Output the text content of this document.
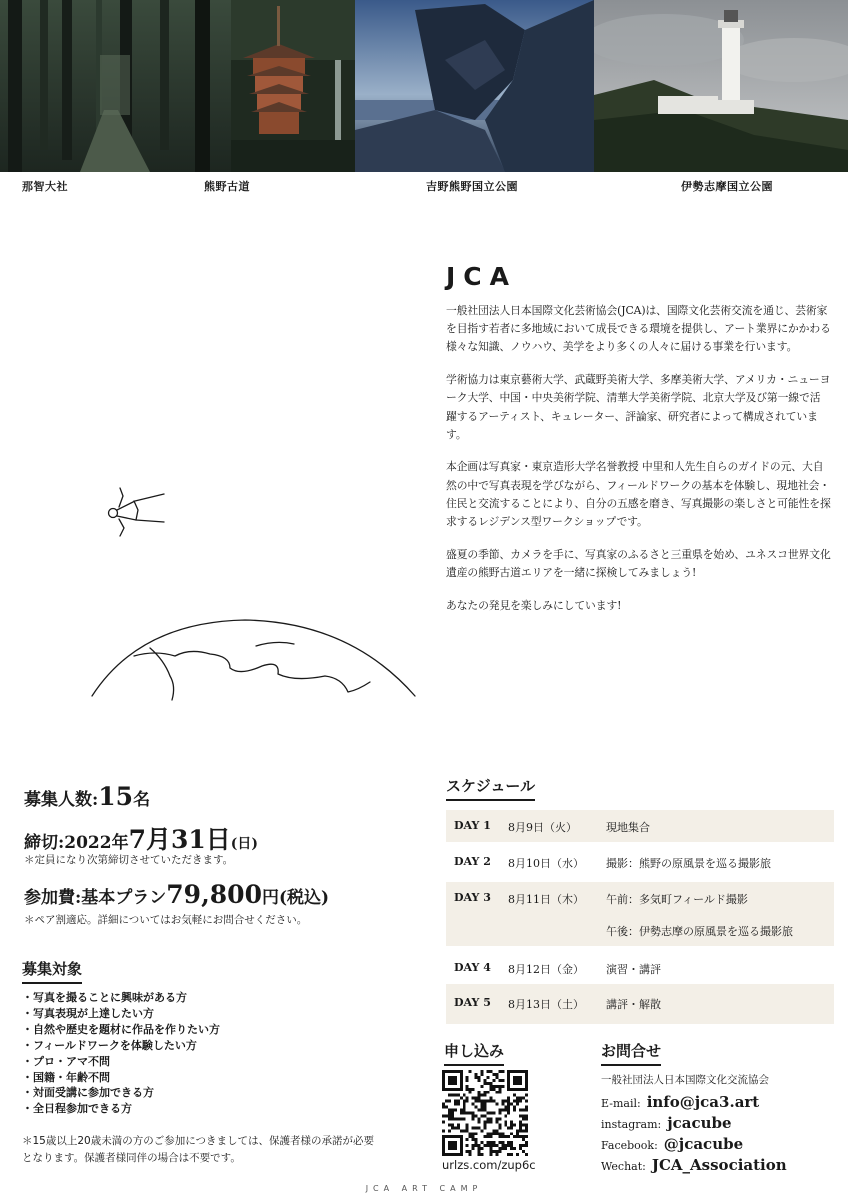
那智大社	熊野古道	吉野熊野国立公園	伊勢志摩国立公園
JCA

一般社団法人日本国際文化芸術協会(JCA)は、国際文化芸術交流を通じ、芸術家を目指す若者に多地域において成長できる環境を提供し、アート業界にかかわる様々な知識、ノウハウ、美学をより多くの人々に届ける事業を行います。

学術協力は東京藝術大学、武蔵野美術大学、多摩美術大学、アメリカ・ニューヨーク大学、中国・中央美術学院、清華大学美術学院、北京大学及び第一線で活躍するアーティスト、キュレーター、評論家、研究者によって構成されています。

本企画は写真家・東京造形大学名誉教授 中里和人先生自らのガイドの元、大自然の中で写真表現を学びながら、フィールドワークの基本を体験し、現地社会・住民と交流することにより、自分の五感を磨き、写真撮影の楽しさと可能性を探求するレジデンス型ワークショップです。

盛夏の季節、カメラを手に、写真家のふるさと三重県を始め、ユネスコ世界文化遺産の熊野古道エリアを一緒に探検してみましょう!

あなたの発見を楽しみにしています!

募集人数:15名
締切:2022年7月31日(日)
＊定員になり次第締切させていただきます。
参加費:基本プラン79,800円(税込)
＊ペア割適応。詳細についてはお気軽にお問合せください。
募集対象
・写真を撮ることに興味がある方
・写真表現が上達したい方
・自然や歴史を題材に作品を作りたい方
・フィールドワークを体験したい方
・プロ・アマ不問
・国籍・年齢不問
・対面受講に参加できる方
・全日程参加できる方
＊15歳以上20歳未満の方のご参加につきましては、保護者様の承諾が必要となります。保護者様同伴の場合は不要です。
スケジュール
DAY 1 8月9日（火）	現地集合
DAY 2 8月10日（水） 撮影：熊野の原風景を巡る撮影旅
DAY 3 8月11日（木） 午前：多気町フィールド撮影
午後：伊勢志摩の原風景を巡る撮影旅
DAY 4 8月12日（金） 演習・講評
DAY 5 8月13日（土） 講評・解散
申し込み
urlzs.com/zup6c
お問合せ
一般社団法人日本国際文化交流協会
E-mail: info@jca3.art
instagram: jcacube
Facebook: @jcacube
Wechat: JCA_Association
JCA ART CAMP
